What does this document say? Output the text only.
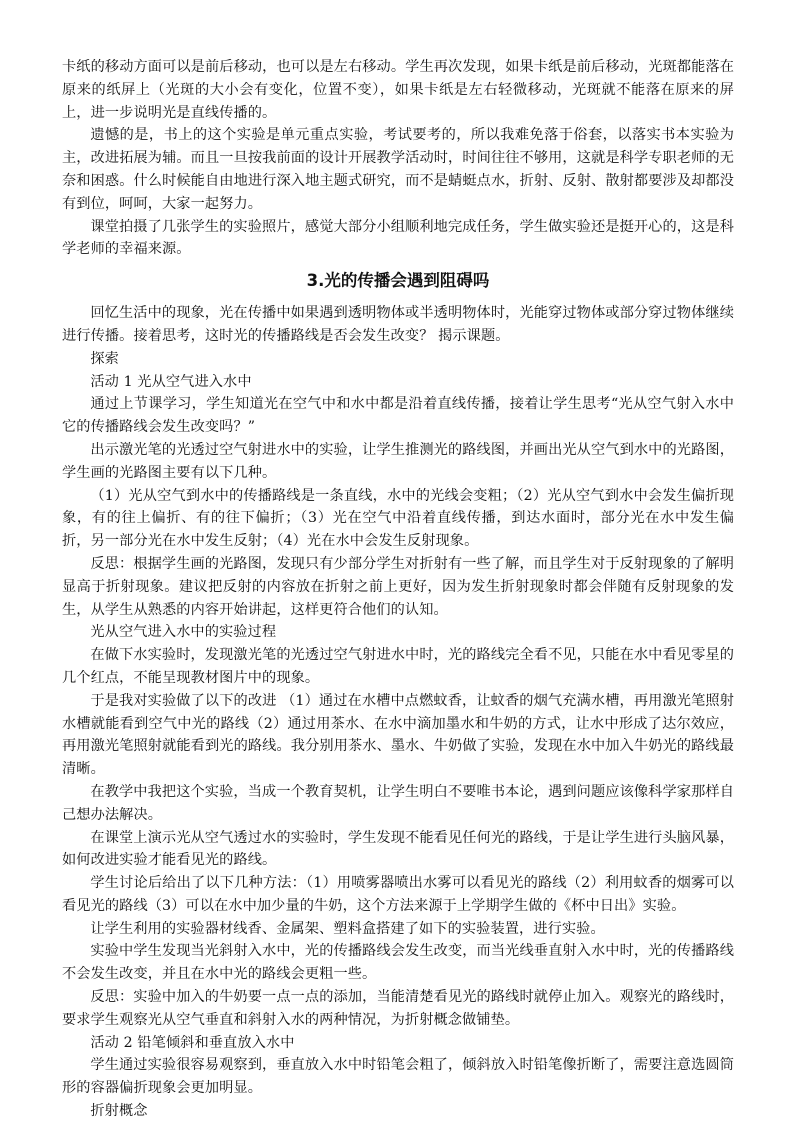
卡纸的移动方面可以是前后移动，也可以是左右移动。学生再次发现，如果卡纸是前后移动，光斑都能落在原来的纸屏上（光斑的大小会有变化，位置不变），如果卡纸是左右轻微移动，光斑就不能落在原来的屏上，进一步说明光是直线传播的。

遗憾的是，书上的这个实验是单元重点实验，考试要考的，所以我难免落于俗套，以落实书本实验为主，改进拓展为辅。而且一旦按我前面的设计开展教学活动时，时间往往不够用，这就是科学专职老师的无奈和困惑。什么时候能自由地进行深入地主题式研究，而不是蜻蜓点水，折射、反射、散射都要涉及却都没有到位，呵呵，大家一起努力。

课堂拍摄了几张学生的实验照片，感觉大部分小组顺利地完成任务，学生做实验还是挺开心的，这是科学老师的幸福来源。

3.光的传播会遇到阻碍吗

回忆生活中的现象，光在传播中如果遇到透明物体或半透明物体时，光能穿过物体或部分穿过物体继续进行传播。接着思考，这时光的传播路线是否会发生改变？ 揭示课题。

探索

活动 1 光从空气进入水中

通过上节课学习，学生知道光在空气中和水中都是沿着直线传播，接着让学生思考“光从空气射入水中它的传播路线会发生改变吗？”

出示激光笔的光透过空气射进水中的实验，让学生推测光的路线图，并画出光从空气到水中的光路图，学生画的光路图主要有以下几种。

（1）光从空气到水中的传播路线是一条直线，水中的光线会变粗；（2）光从空气到水中会发生偏折现象，有的往上偏折、有的往下偏折；（3）光在空气中沿着直线传播，到达水面时，部分光在水中发生偏折，另一部分光在水中发生反射；（4）光在水中会发生反射现象。

反思：根据学生画的光路图，发现只有少部分学生对折射有一些了解，而且学生对于反射现象的了解明显高于折射现象。建议把反射的内容放在折射之前上更好，因为发生折射现象时都会伴随有反射现象的发生，从学生从熟悉的内容开始讲起，这样更符合他们的认知。

光从空气进入水中的实验过程

在做下水实验时，发现激光笔的光透过空气射进水中时，光的路线完全看不见，只能在水中看见零星的几个红点，不能呈现教材图片中的现象。

于是我对实验做了以下的改进 （1）通过在水槽中点燃蚊香，让蚊香的烟气充满水槽，再用激光笔照射水槽就能看到空气中光的路线（2）通过用茶水、在水中滴加墨水和牛奶的方式，让水中形成了达尔效应，再用激光笔照射就能看到光的路线。我分别用茶水、墨水、牛奶做了实验，发现在水中加入牛奶光的路线最清晰。

在教学中我把这个实验，当成一个教育契机，让学生明白不要唯书本论，遇到问题应该像科学家那样自己想办法解决。

在课堂上演示光从空气透过水的实验时，学生发现不能看见任何光的路线，于是让学生进行头脑风暴，如何改进实验才能看见光的路线。

学生讨论后给出了以下几种方法：（1）用喷雾器喷出水雾可以看见光的路线（2）利用蚊香的烟雾可以看见光的路线（3）可以在水中加少量的牛奶，这个方法来源于上学期学生做的《杯中日出》实验。

让学生利用的实验器材线香、金属架、塑料盒搭建了如下的实验装置，进行实验。

实验中学生发现当光斜射入水中，光的传播路线会发生改变，而当光线垂直射入水中时，光的传播路线不会发生改变，并且在水中光的路线会更粗一些。

反思：实验中加入的牛奶要一点一点的添加，当能清楚看见光的路线时就停止加入。观察光的路线时，要求学生观察光从空气垂直和斜射入水的两种情况，为折射概念做铺垫。

活动 2 铅笔倾斜和垂直放入水中

学生通过实验很容易观察到，垂直放入水中时铅笔会粗了，倾斜放入时铅笔像折断了，需要注意选圆筒形的容器偏折现象会更加明显。

折射概念
